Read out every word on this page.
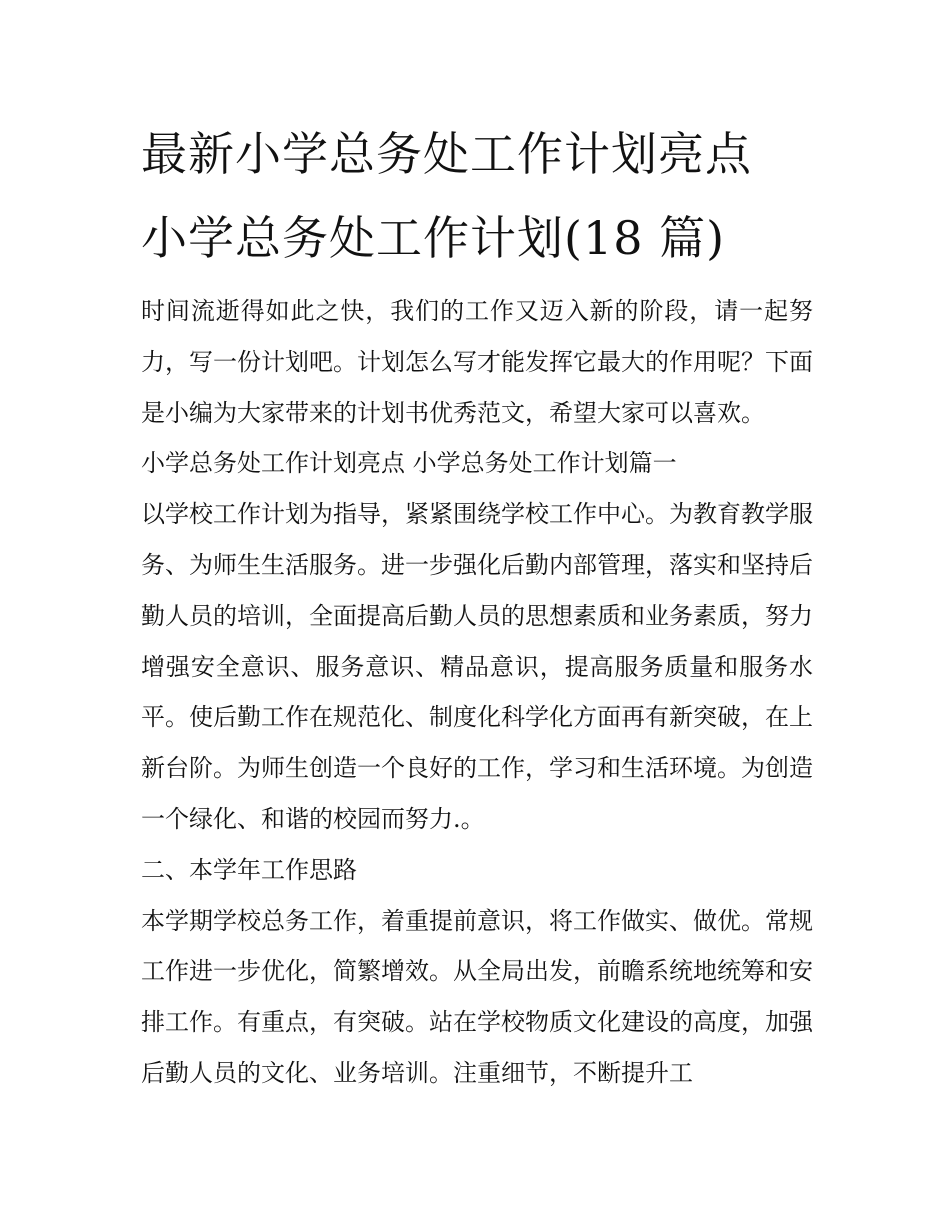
最新小学总务处工作计划亮点
小学总务处工作计划(18 篇)

时间流逝得如此之快，我们的工作又迈入新的阶段，请一起努力，写一份计划吧。计划怎么写才能发挥它最大的作用呢？下面是小编为大家带来的计划书优秀范文，希望大家可以喜欢。

小学总务处工作计划亮点 小学总务处工作计划篇一

以学校工作计划为指导，紧紧围绕学校工作中心。为教育教学服务、为师生生活服务。进一步强化后勤内部管理，落实和坚持后勤人员的培训，全面提高后勤人员的思想素质和业务素质，努力增强安全意识、服务意识、精品意识，提高服务质量和服务水平。使后勤工作在规范化、制度化科学化方面再有新突破，在上新台阶。为师生创造一个良好的工作，学习和生活环境。为创造一个绿化、和谐的校园而努力.。

二、本学年工作思路

本学期学校总务工作，着重提前意识，将工作做实、做优。常规工作进一步优化，简繁增效。从全局出发，前瞻系统地统筹和安排工作。有重点，有突破。站在学校物质文化建设的高度，加强后勤人员的文化、业务培训。注重细节，不断提升工
